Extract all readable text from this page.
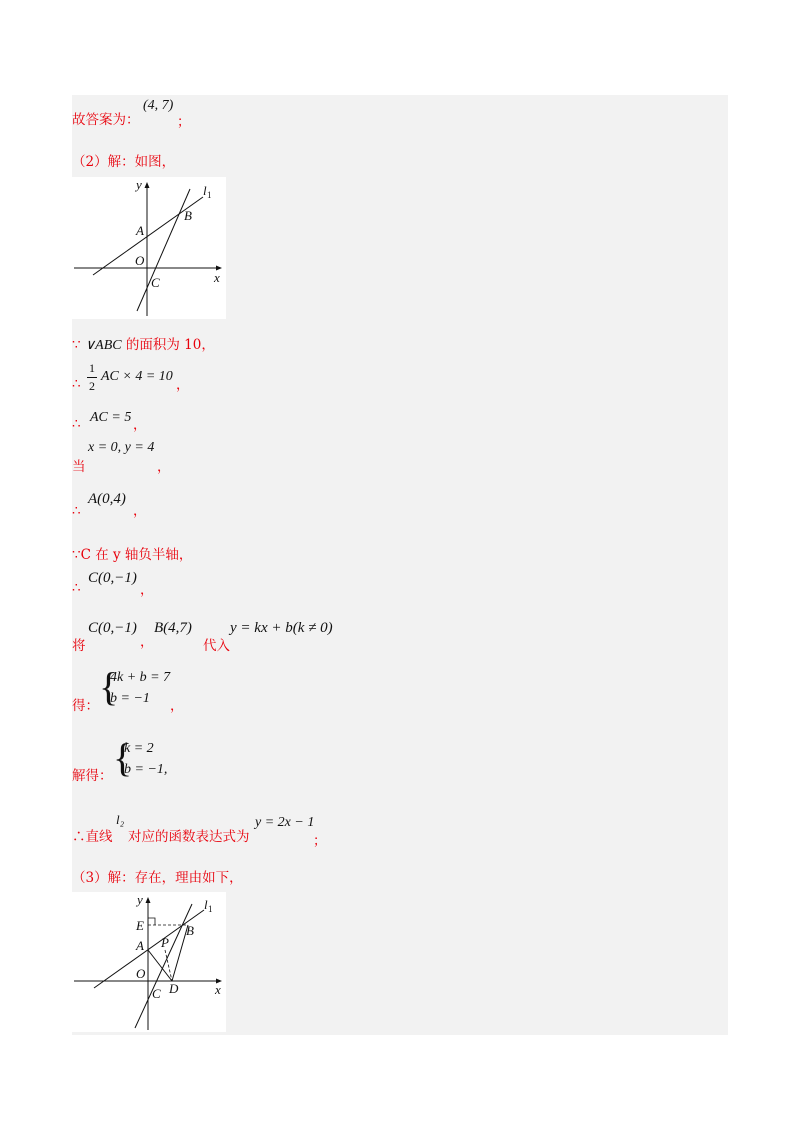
故答案为：
(4, 7)
；
（2）解：如图，
y
x
l 1
B
A
O
C
∵ ∨ABC 的面积为 10，
∴
1
2
AC × 4 = 10
，
∴ AC = 5 ，
当
x = 0, y = 4
，
∴
A(0,4)
，
∵C 在 y 轴负半轴，
∴
C(0,−1)
，
将
C(0,−1)
，
B(4,7)
代入
y = kx + b(k ≠ 0)
得： {
4k + b = 7
b = −1 ，
解得： {
k = 2
b = −1,
∴直线
l₂
对应的函数表达式为
y = 2x − 1
；
（3）解：存在，理由如下，
y
x
l 1
E
A P
B
O
C D
